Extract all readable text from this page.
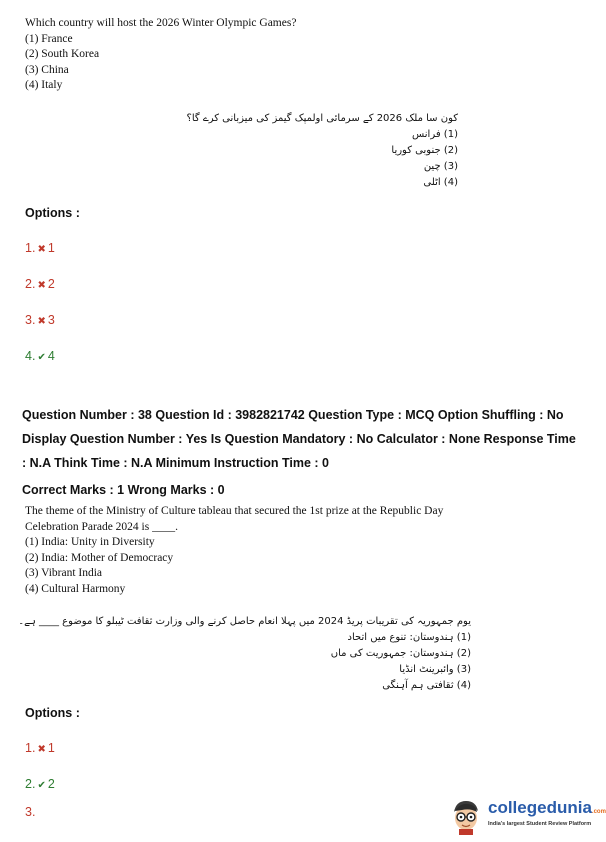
Which country will host the 2026 Winter Olympic Games?
(1) France
(2) South Korea
(3) China
(4) Italy
کون سا ملک 2026 کے سرمائی اولمپک گیمز کی میزبانی کرے گا؟
(1) فرانس
(2) جنوبی کوریا
(3) چین
(4) اٹلی
Options :
1. ✖ 1
2. ✖ 2
3. ✖ 3
4. ✔ 4
Question Number : 38 Question Id : 3982821742 Question Type : MCQ Option Shuffling : No
Display Question Number : Yes Is Question Mandatory : No Calculator : None Response Time
: N.A Think Time : N.A Minimum Instruction Time : 0
Correct Marks : 1 Wrong Marks : 0
The theme of the Ministry of Culture tableau that secured the 1st prize at the Republic Day
Celebration Parade 2024 is ____.
(1) India: Unity in Diversity
(2) India: Mother of Democracy
(3) Vibrant India
(4) Cultural Harmony
یوم جمہوریہ کی تقریبات پریڈ 2024 میں پہلا انعام حاصل کرنے والی وزارت ثقافت ٹیبلو کا موضوع ____ ہے۔
(1) ہندوستان: تنوع میں اتحاد
(2) ہندوستان: جمہوریت کی ماں
(3) وائبرینٹ انڈیا
(4) ثقافتی ہم آہنگی
Options :
1. ✖ 1
2. ✔ 2
3.	collegedunia.com
India's largest Student Review Platform
